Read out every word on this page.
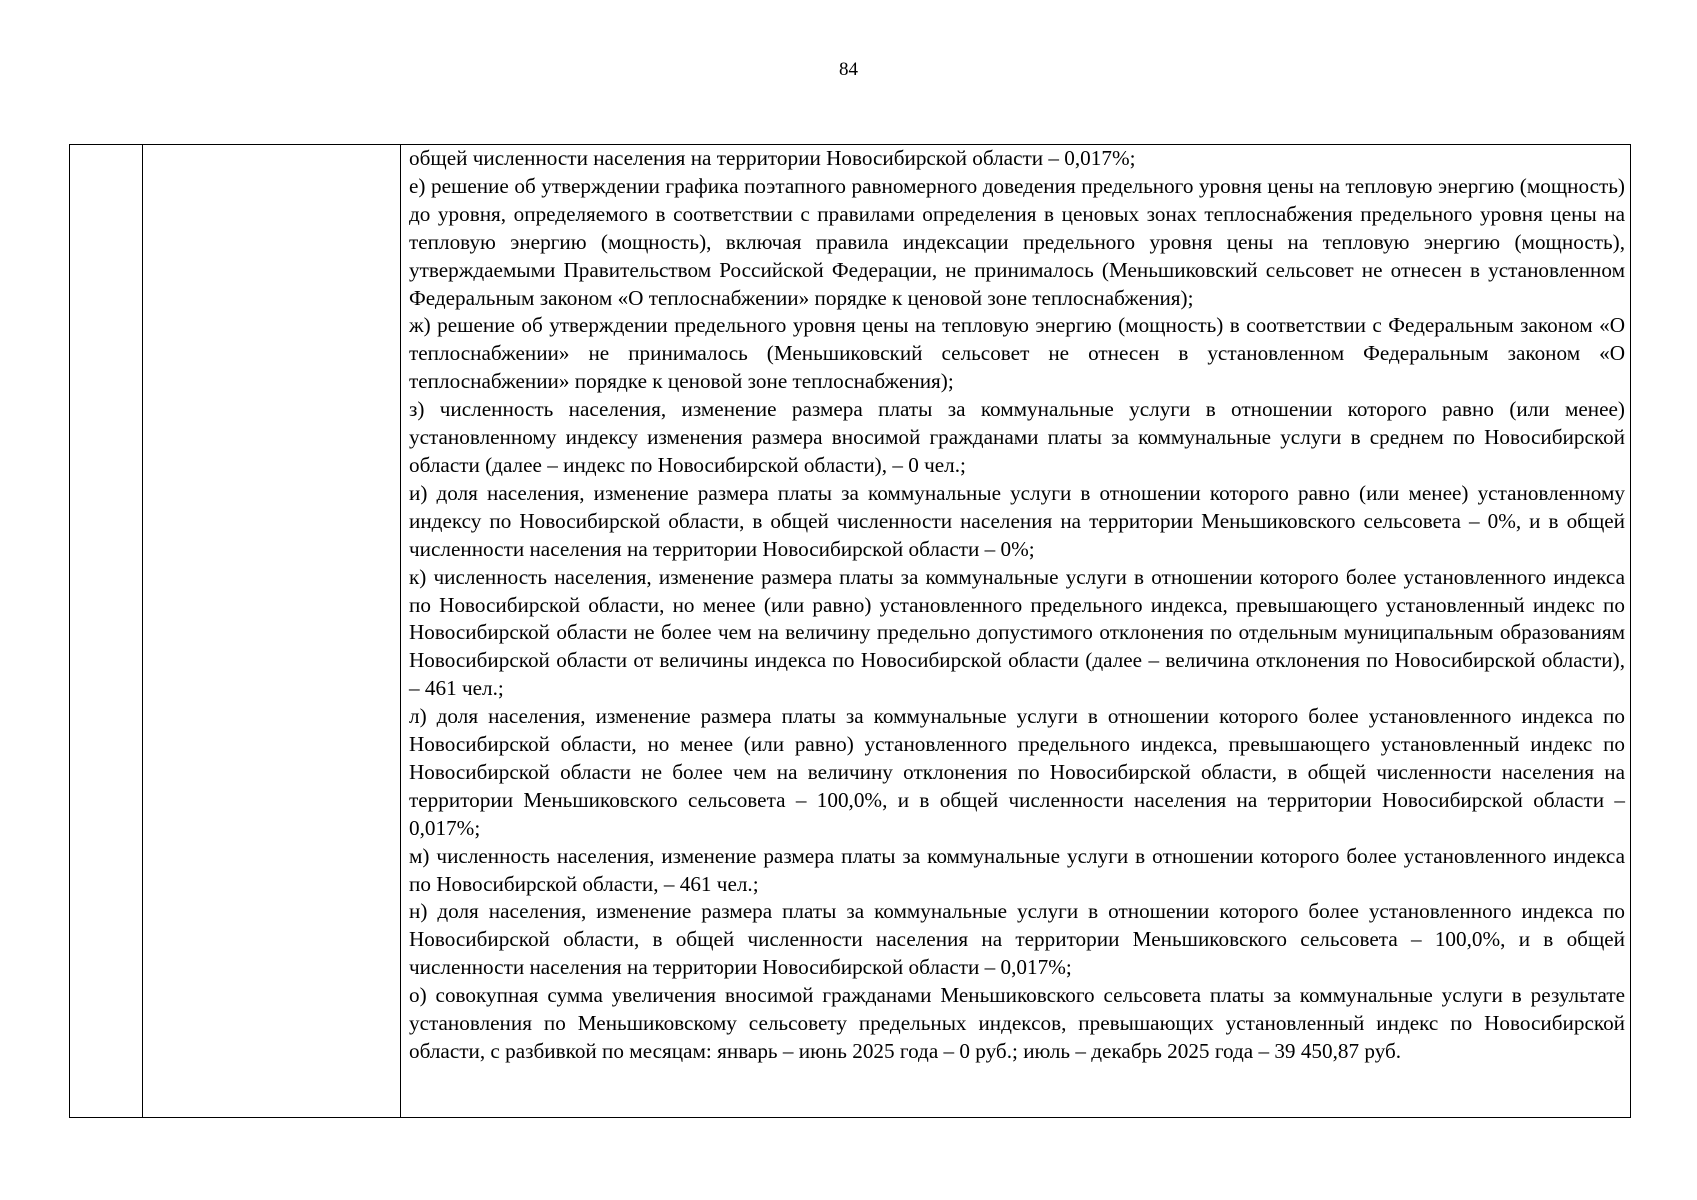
84

общей численности населения на территории Новосибирской области – 0,017%;

е) решение об утверждении графика поэтапного равномерного доведения предельного уровня цены на тепловую энергию (мощность) до уровня, определяемого в соответствии с правилами определения в ценовых зонах теплоснабжения предельного уровня цены на тепловую энергию (мощность), включая правила индексации предельного уровня цены на тепловую энергию (мощность), утверждаемыми Правительством Российской Федерации, не принималось (Меньшиковский сельсовет не отнесен в установленном Федеральным законом «О теплоснабжении» порядке к ценовой зоне теплоснабжения);

ж) решение об утверждении предельного уровня цены на тепловую энергию (мощность) в соответствии с Федеральным законом «О теплоснабжении» не принималось (Меньшиковский сельсовет не отнесен в установленном Федеральным законом «О теплоснабжении» порядке к ценовой зоне теплоснабжения);

з) численность населения, изменение размера платы за коммунальные услуги в отношении которого равно (или менее) установленному индексу изменения размера вносимой гражданами платы за коммунальные услуги в среднем по Новосибирской области (далее – индекс по Новосибирской области), – 0 чел.;

и) доля населения, изменение размера платы за коммунальные услуги в отношении которого равно (или менее) установленному индексу по Новосибирской области, в общей численности населения на территории Меньшиковского сельсовета – 0%, и в общей численности населения на территории Новосибирской области – 0%;

к) численность населения, изменение размера платы за коммунальные услуги в отношении которого более установленного индекса по Новосибирской области, но менее (или равно) установленного предельного индекса, превышающего установленный индекс по Новосибирской области не более чем на величину предельно допустимого отклонения по отдельным муниципальным образованиям Новосибирской области от величины индекса по Новосибирской области (далее – величина отклонения по Новосибирской области), – 461 чел.;

л) доля населения, изменение размера платы за коммунальные услуги в отношении которого более установленного индекса по Новосибирской области, но менее (или равно) установленного предельного индекса, превышающего установленный индекс по Новосибирской области не более чем на величину отклонения по Новосибирской области, в общей численности населения на территории Меньшиковского сельсовета – 100,0%, и в общей численности населения на территории Новосибирской области – 0,017%;

м) численность населения, изменение размера платы за коммунальные услуги в отношении которого более установленного индекса по Новосибирской области, – 461 чел.;

н) доля населения, изменение размера платы за коммунальные услуги в отношении которого более установленного индекса по Новосибирской области, в общей численности населения на территории Меньшиковского сельсовета – 100,0%, и в общей численности населения на территории Новосибирской области – 0,017%;

о) совокупная сумма увеличения вносимой гражданами Меньшиковского сельсовета платы за коммунальные услуги в результате установления по Меньшиковскому сельсовету предельных индексов, превышающих установленный индекс по Новосибирской области, с разбивкой по месяцам: январь – июнь 2025 года – 0 руб.; июль – декабрь 2025 года – 39 450,87 руб.
